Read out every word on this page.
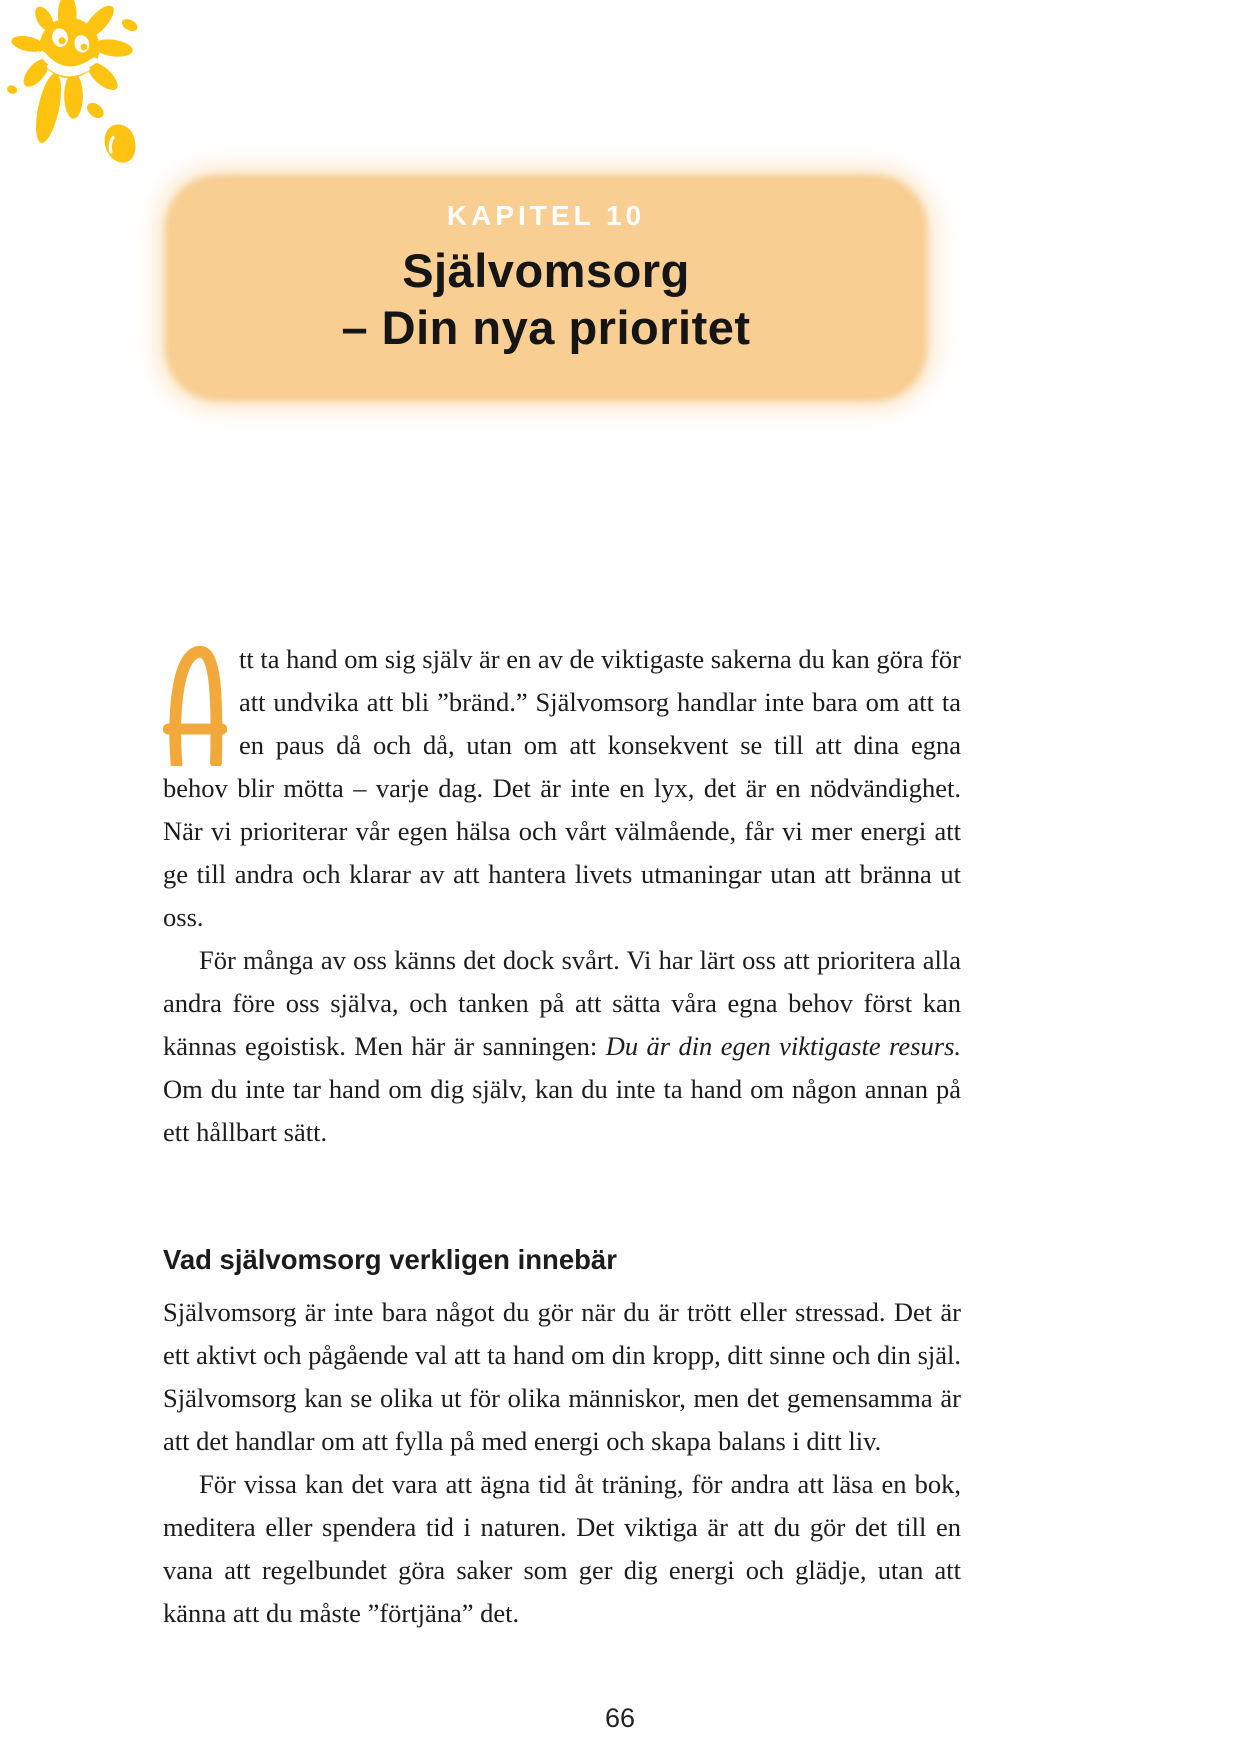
KAPITEL 10
Självomsorg
– Din nya prioritet

tt ta hand om sig själv är en av de viktigaste sakerna du kan göra för att undvika att bli ”bränd.” Självomsorg handlar inte bara om att ta en paus då och då, utan om att konsekvent se till att dina egna behov blir mötta – varje dag. Det är inte en lyx, det är en nödvändighet. När vi prioriterar vår egen hälsa och vårt välmående, får vi mer energi att ge till andra och klarar av att hantera livets utmaningar utan att bränna ut oss.

För många av oss känns det dock svårt. Vi har lärt oss att prioritera alla andra före oss själva, och tanken på att sätta våra egna behov först kan kännas egoistisk. Men här är sanningen: Du är din egen viktigaste resurs. Om du inte tar hand om dig själv, kan du inte ta hand om någon annan på ett hållbart sätt.

Vad självomsorg verkligen innebär

Självomsorg är inte bara något du gör när du är trött eller stressad. Det är ett aktivt och pågående val att ta hand om din kropp, ditt sinne och din själ. Självomsorg kan se olika ut för olika människor, men det gemensamma är att det handlar om att fylla på med energi och skapa balans i ditt liv.

För vissa kan det vara att ägna tid åt träning, för andra att läsa en bok, meditera eller spendera tid i naturen. Det viktiga är att du gör det till en vana att regelbundet göra saker som ger dig energi och glädje, utan att känna att du måste ”förtjäna” det.

66
